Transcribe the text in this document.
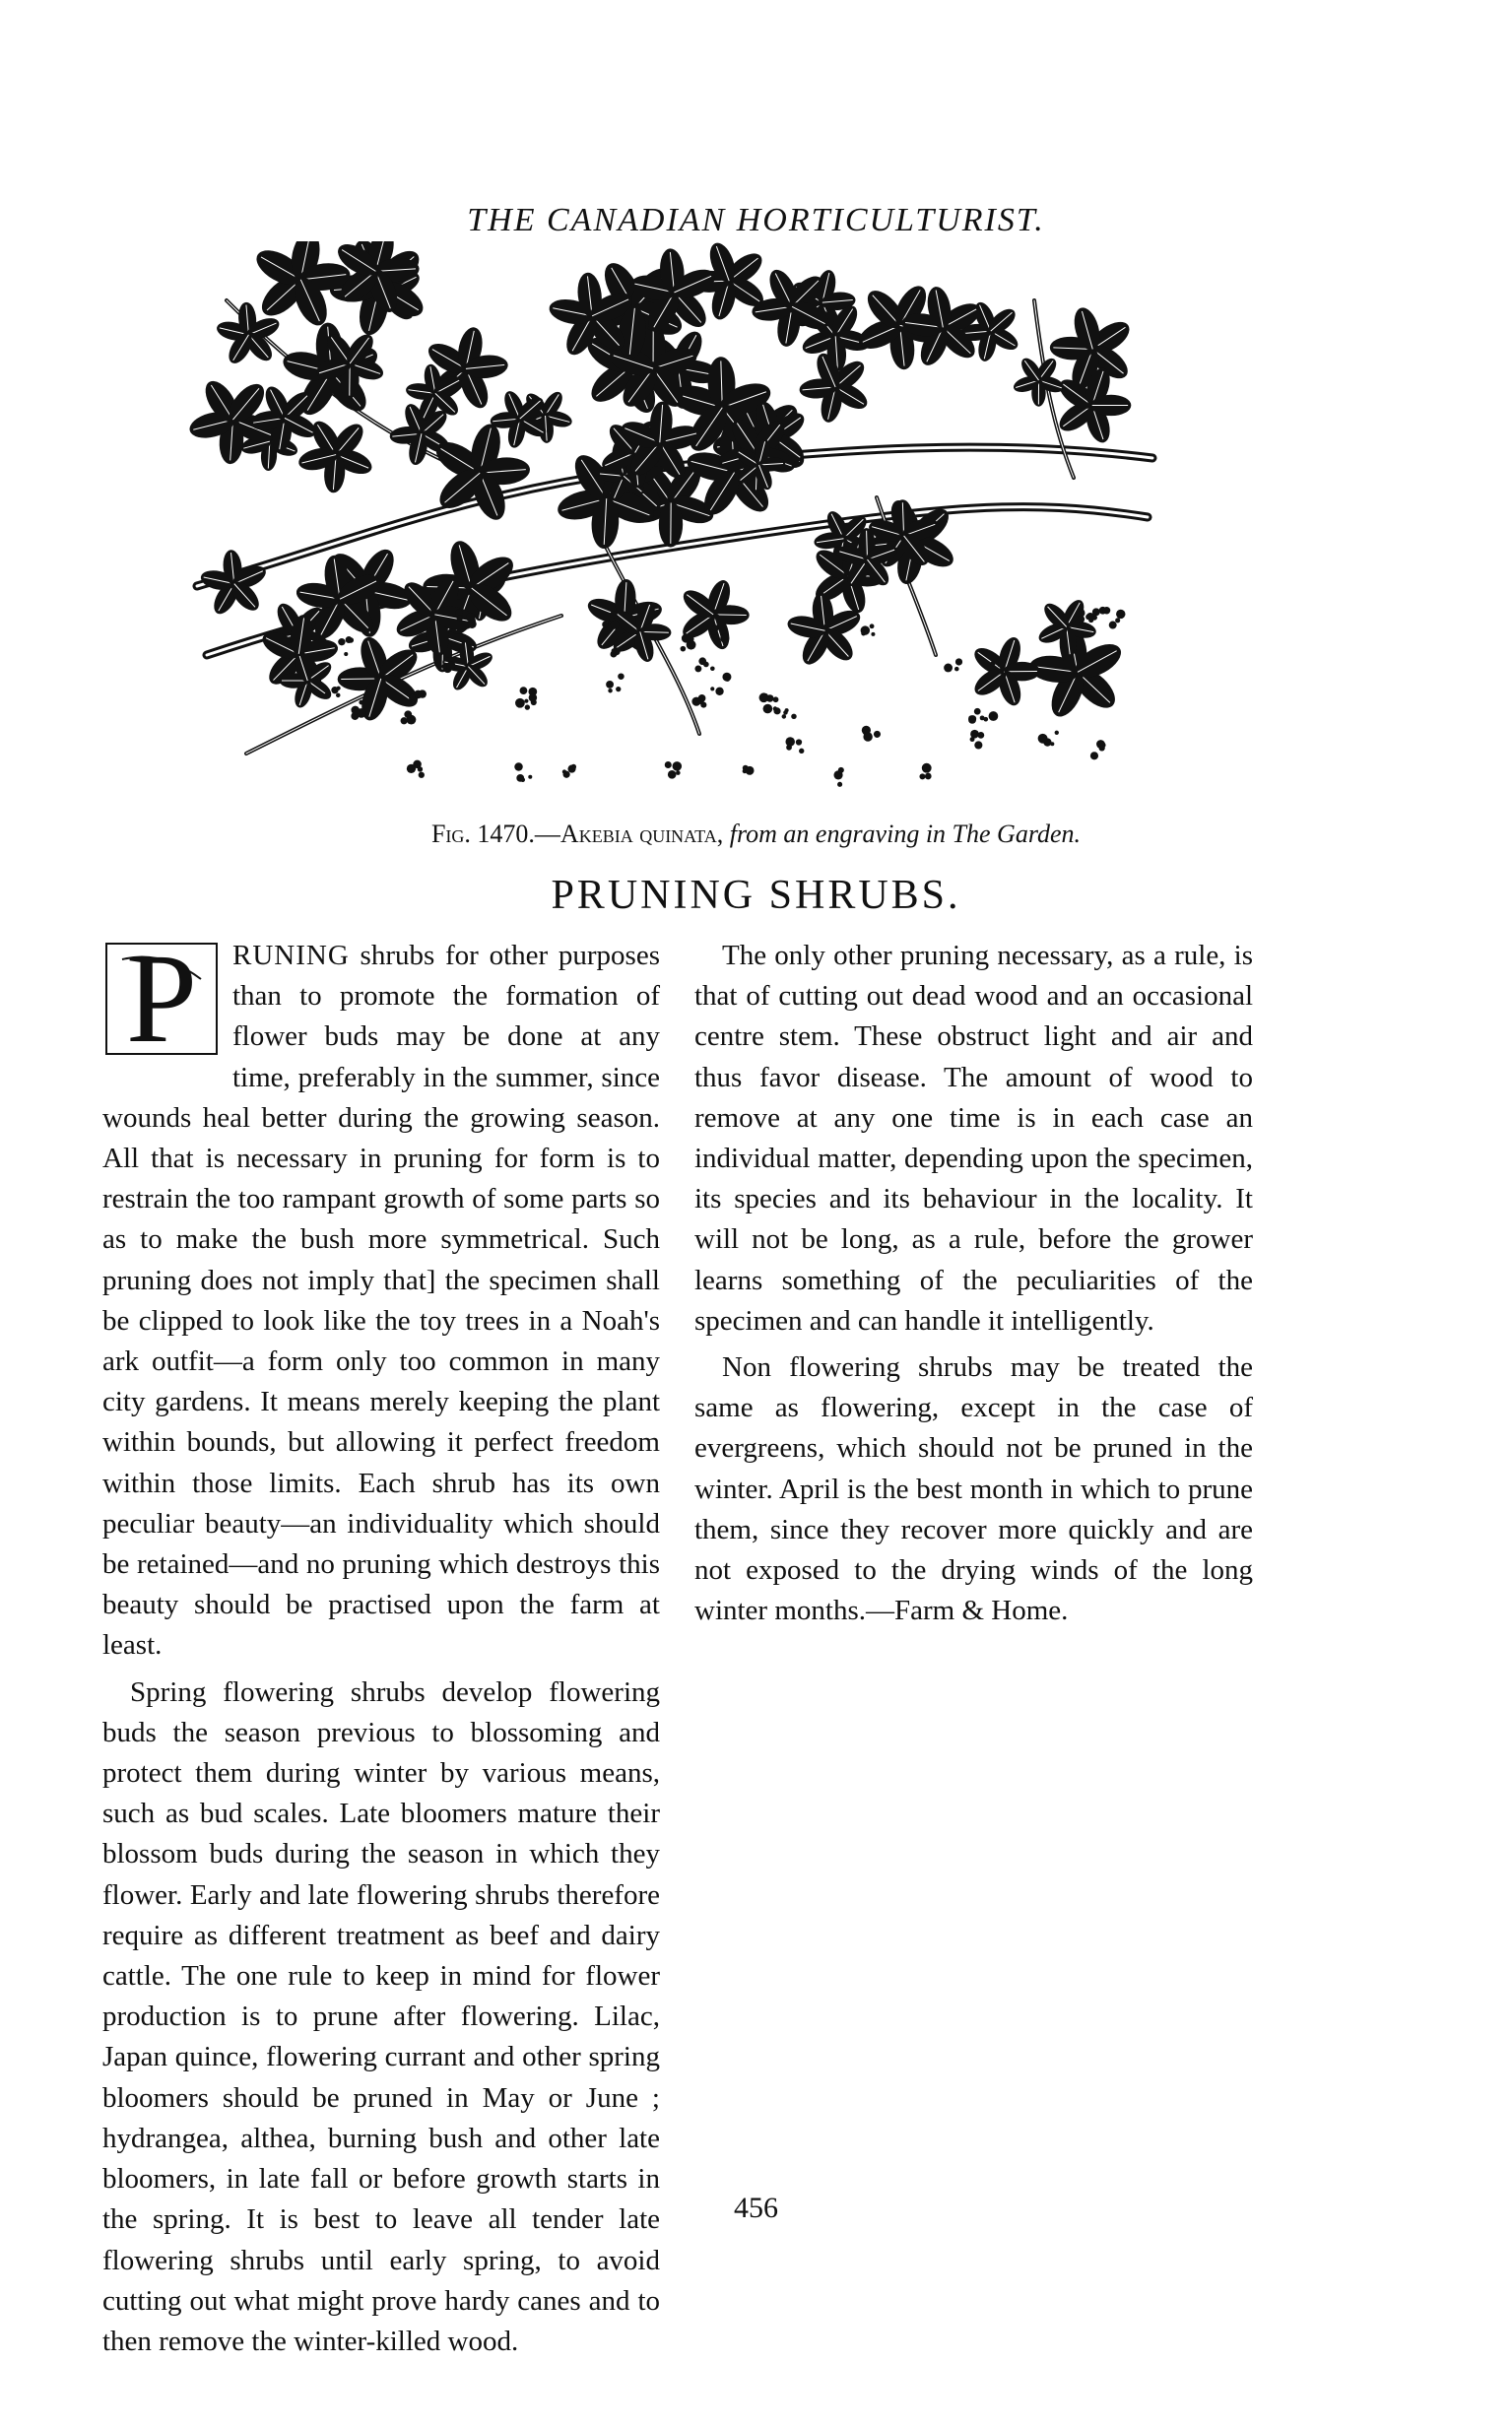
THE CANADIAN HORTICULTURIST.
Fig. 1470.—Akebia quinata, from an engraving in The Garden.
PRUNING SHRUBS.

P	RUNING shrubs for other purposes than to promote the formation of flower buds may be done at any time, preferably in the summer, since wounds heal better during the growing season. All that is necessary in pruning for form is to restrain the too rampant growth of some parts so as to make the bush more symmetrical. Such pruning does not imply that] the specimen shall be clipped to look like the toy trees in a Noah's ark outfit—a form only too common in many city gardens. It means merely keeping the plant within bounds, but allowing it perfect freedom within those limits. Each shrub has its own peculiar beauty—an individuality which should be retained—and no pruning which destroys this beauty should be practised upon the farm at least.

Spring flowering shrubs develop flowering buds the season previous to blossoming and protect them during winter by various means, such as bud scales. Late bloomers mature their blossom buds during the season in which they flower. Early and late flowering shrubs therefore require as different treatment as beef and dairy cattle. The one rule to keep in mind for flower production is to prune after flowering. Lilac, Japan quince, flowering currant and other spring bloomers should be pruned in May or June ; hydrangea, althea, burning bush and other late bloomers, in late fall or before growth starts in the spring. It is best to leave all tender late flowering shrubs until early spring, to avoid cutting out what might prove hardy canes and to then remove the winter-killed wood.

The only other pruning necessary, as a rule, is that of cutting out dead wood and an occasional centre stem. These obstruct light and air and thus favor disease. The amount of wood to remove at any one time is in each case an individual matter, depending upon the specimen, its species and its behaviour in the locality. It will not be long, as a rule, before the grower learns something of the peculiarities of the specimen and can handle it intelligently.

Non flowering shrubs may be treated the same as flowering, except in the case of evergreens, which should not be pruned in the winter. April is the best month in which to prune them, since they recover more quickly and are not exposed to the drying winds of the long winter months.—Farm & Home.

456
